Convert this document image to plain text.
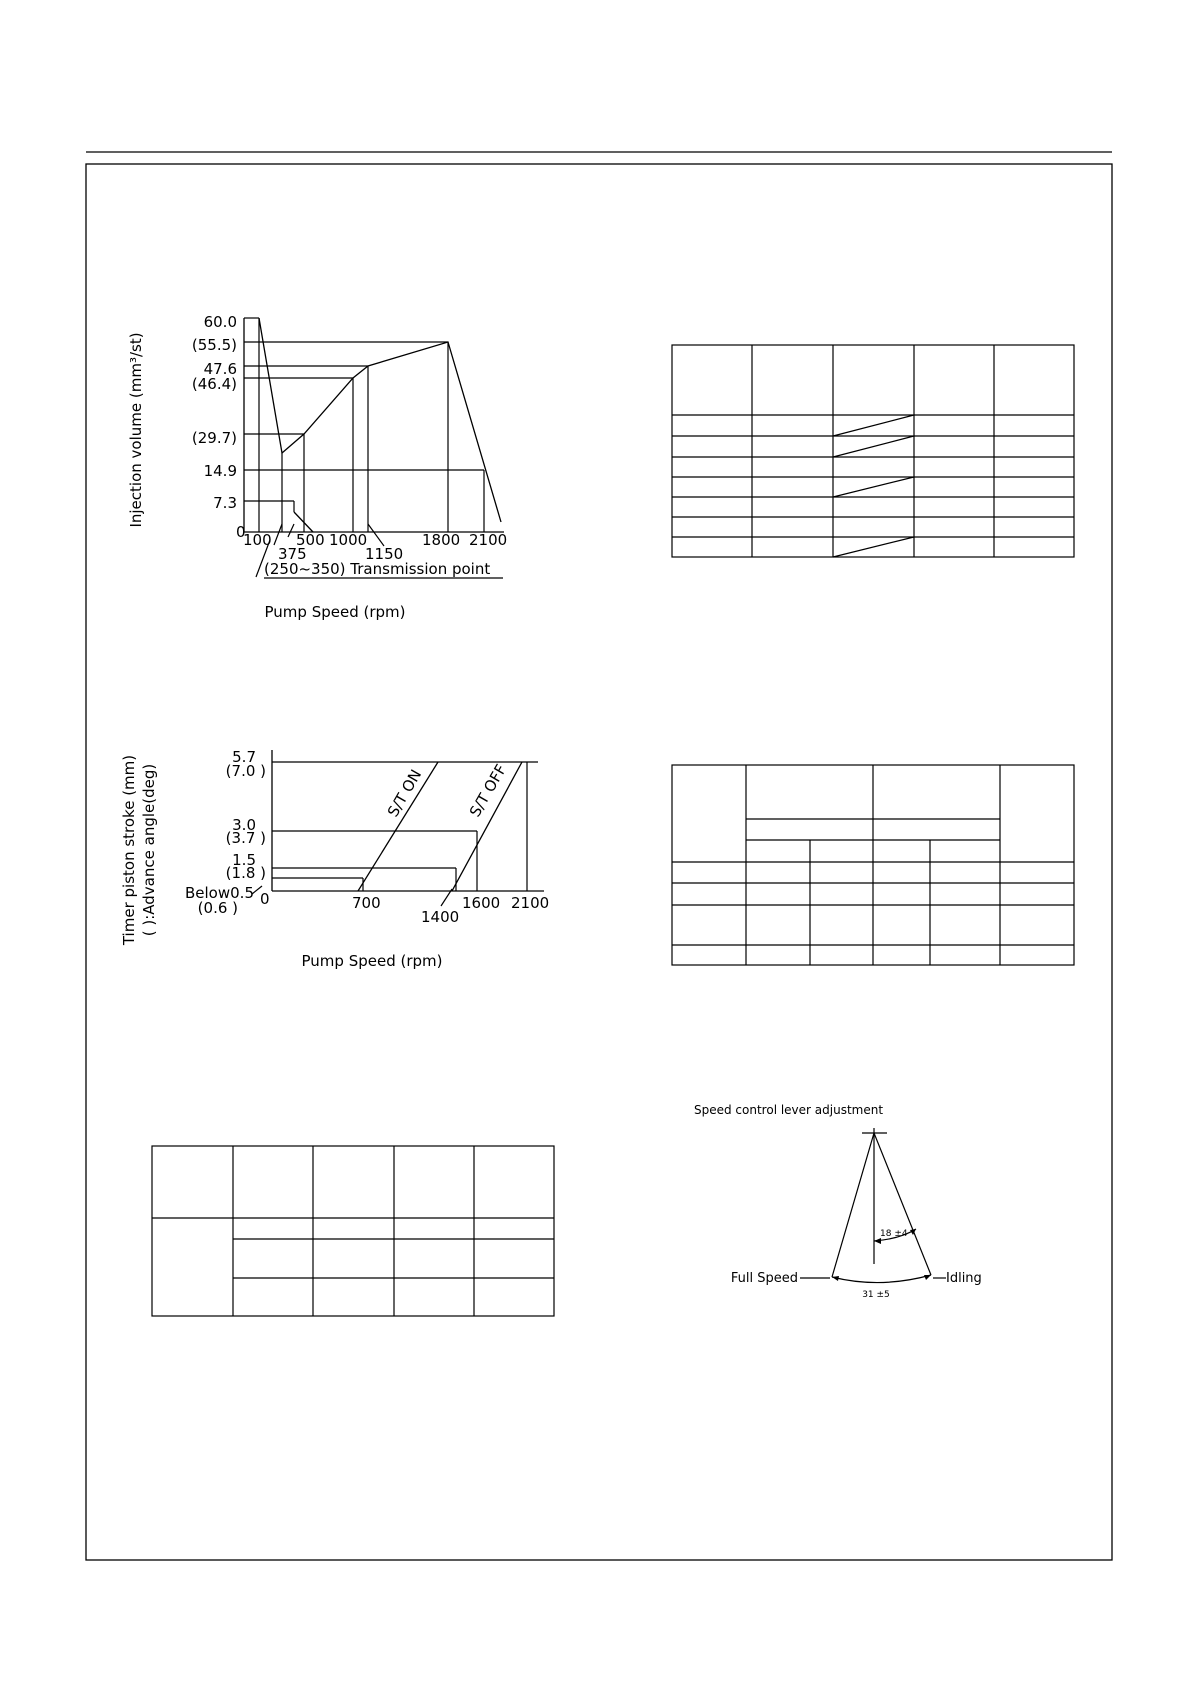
60.0
(55.5)
47.6
(46.4)
(29.7)
14.9
7.3
0
Injection volume (mm³/st)
100 500 1000	1800 2100
375	1150
(250~350) Transmission point
Pump Speed (rpm)
5.7
(7.0 )
3.0
(3.7 )
1.5
(1.8 )
Below0.5
(0.6 )
Timer piston stroke (mm) ( ):Advance angle(deg)	0	700	1600 2100
1400
Pump Speed (rpm)
S/T ON	S/T OFF
Speed control lever adjustment
18 ±4
31 ±5
Full Speed	Idling
